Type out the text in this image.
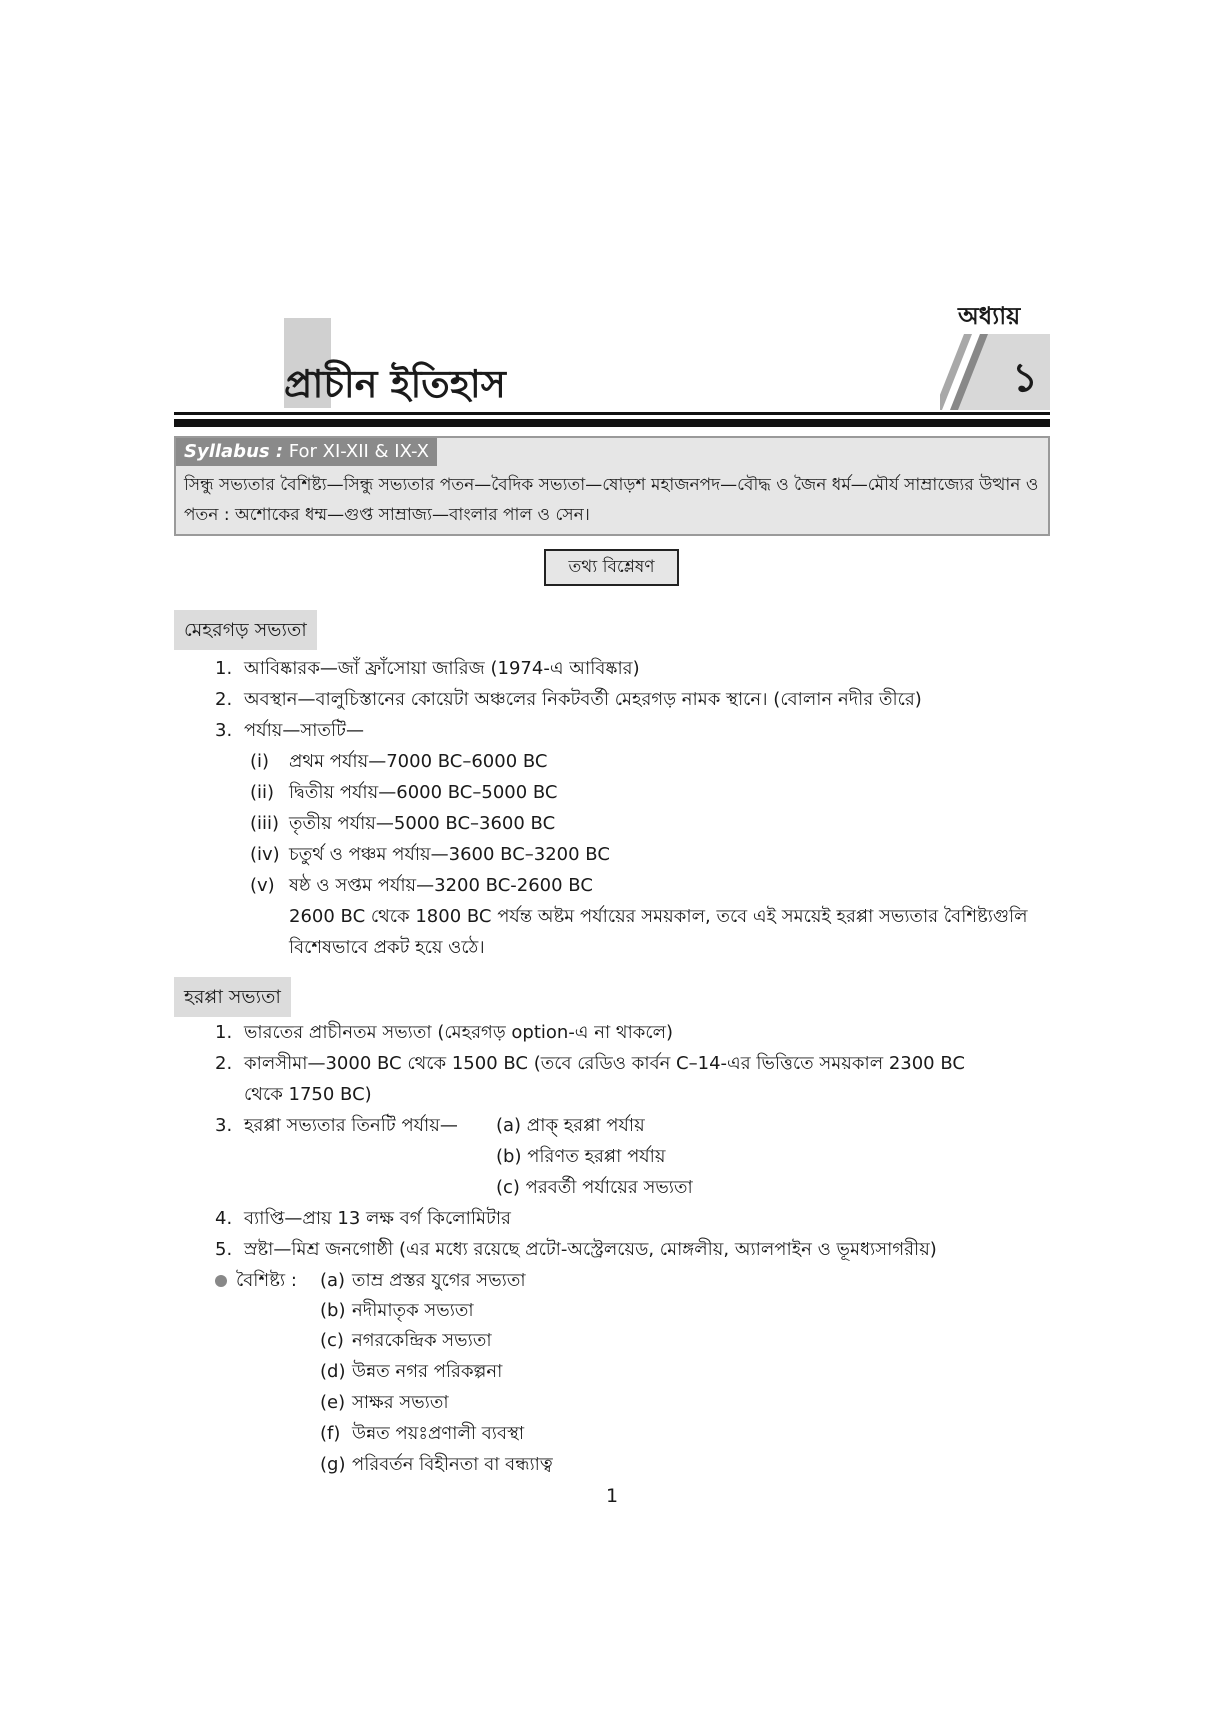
অধ্যায়
প্রাচীন ইতিহাস	১
Syllabus : For XI-XII & IX-X
সিন্ধু সভ্যতার বৈশিষ্ট্য—সিন্ধু সভ্যতার পতন—বৈদিক সভ্যতা—ষোড়শ মহাজনপদ—বৌদ্ধ ও জৈন ধর্ম—মৌর্য সাম্রাজ্যের উত্থান ও পতন : অশোকের ধম্ম—গুপ্ত সাম্রাজ্য—বাংলার পাল ও সেন।
তথ্য বিশ্লেষণ
মেহরগড় সভ্যতা
1. আবিষ্কারক—জাঁ ফ্রাঁসোয়া জারিজ (1974-এ আবিষ্কার)
2. অবস্থান—বালুচিস্তানের কোয়েটা অঞ্চলের নিকটবর্তী মেহরগড় নামক স্থানে। (বোলান নদীর তীরে)
3. পর্যায়—সাতটি—
(i) প্রথম পর্যায়—7000 BC–6000 BC
(ii) দ্বিতীয় পর্যায়—6000 BC–5000 BC
(iii) তৃতীয় পর্যায়—5000 BC–3600 BC
(iv) চতুর্থ ও পঞ্চম পর্যায়—3600 BC–3200 BC
(v) ষষ্ঠ ও সপ্তম পর্যায়—3200 BC-2600 BC
2600 BC থেকে 1800 BC পর্যন্ত অষ্টম পর্যায়ের সময়কাল, তবে এই সময়েই হরপ্পা সভ্যতার বৈশিষ্ট্যগুলি
বিশেষভাবে প্রকট হয়ে ওঠে।
হরপ্পা সভ্যতা
1. ভারতের প্রাচীনতম সভ্যতা (মেহরগড় option-এ না থাকলে)
2. কালসীমা—3000 BC থেকে 1500 BC (তবে রেডিও কার্বন C–14-এর ভিত্তিতে সময়কাল 2300 BC
থেকে 1750 BC)
3. হরপ্পা সভ্যতার তিনটি পর্যায়— (a) প্রাক্ হরপ্পা পর্যায়
(b) পরিণত হরপ্পা পর্যায়
(c) পরবর্তী পর্যায়ের সভ্যতা
4. ব্যাপ্তি—প্রায় 13 লক্ষ বর্গ কিলোমিটার
5. স্রষ্টা—মিশ্র জনগোষ্ঠী (এর মধ্যে রয়েছে প্রটো-অস্ট্রেলয়েড, মোঙ্গলীয়, অ্যালপাইন ও ভূমধ্যসাগরীয়)
বৈশিষ্ট্য : (a) তাম্র প্রস্তর যুগের সভ্যতা
(b) নদীমাতৃক সভ্যতা
(c) নগরকেন্দ্রিক সভ্যতা
(d) উন্নত নগর পরিকল্পনা
(e) সাক্ষর সভ্যতা
(f) উন্নত পয়ঃপ্রণালী ব্যবস্থা
(g) পরিবর্তন বিহীনতা বা বন্ধ্যাত্ব
1
